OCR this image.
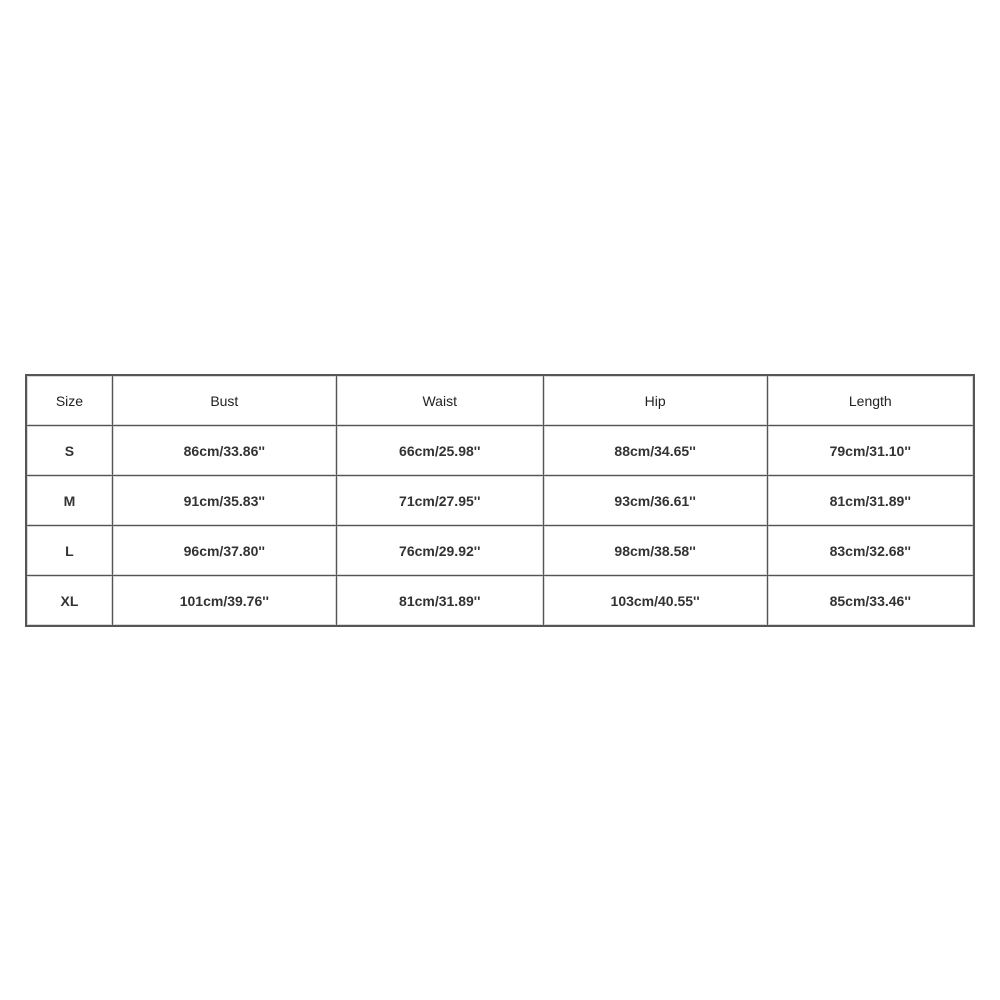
Size	Bust	Waist	Hip	Length
S	86cm/33.86''	66cm/25.98''	88cm/34.65''	79cm/31.10''
M	91cm/35.83''	71cm/27.95''	93cm/36.61''	81cm/31.89''
L	96cm/37.80''	76cm/29.92''	98cm/38.58''	83cm/32.68''
XL	101cm/39.76''	81cm/31.89''	103cm/40.55''	85cm/33.46''
